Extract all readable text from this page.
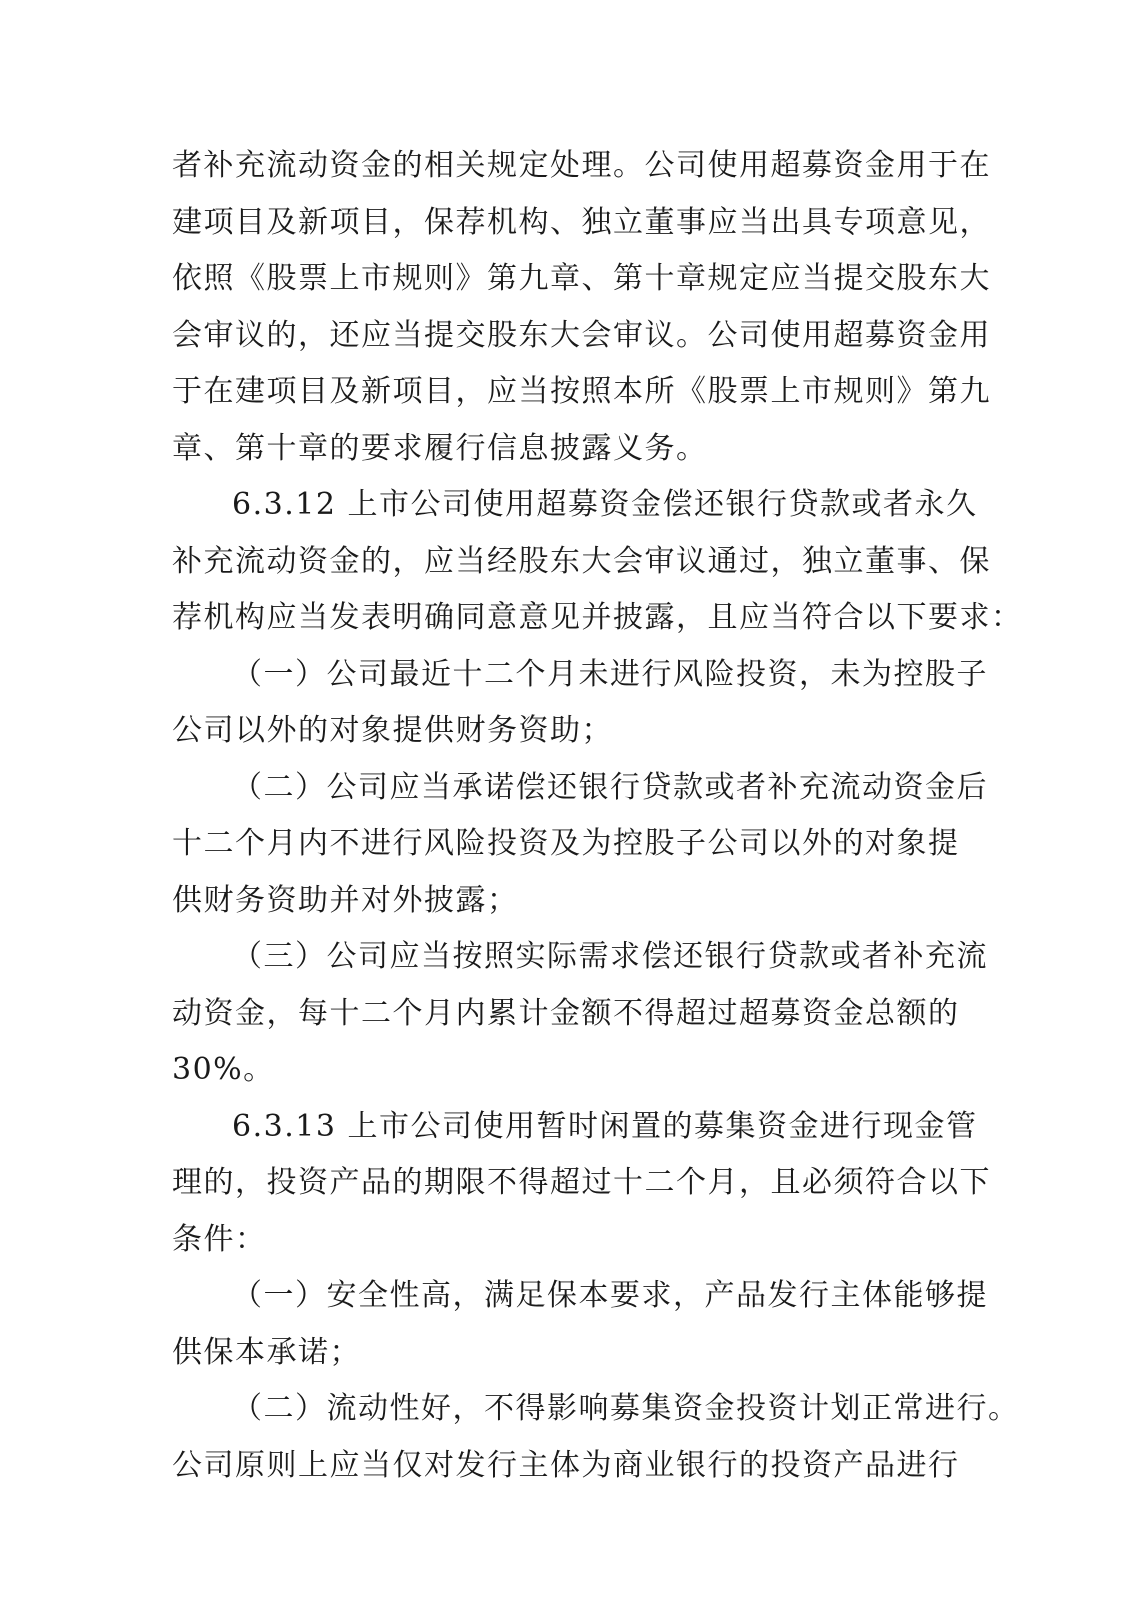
者补充流动资金的相关规定处理。公司使用超募资金用于在
建项目及新项目，保荐机构、独立董事应当出具专项意见，
依照《股票上市规则》第九章、第十章规定应当提交股东大
会审议的，还应当提交股东大会审议。公司使用超募资金用
于在建项目及新项目，应当按照本所《股票上市规则》第九
章、第十章的要求履行信息披露义务。
6.3.12 上市公司使用超募资金偿还银行贷款或者永久
补充流动资金的，应当经股东大会审议通过，独立董事、保
荐机构应当发表明确同意意见并披露，且应当符合以下要求：
（一）公司最近十二个月未进行风险投资，未为控股子
公司以外的对象提供财务资助；
（二）公司应当承诺偿还银行贷款或者补充流动资金后
十二个月内不进行风险投资及为控股子公司以外的对象提
供财务资助并对外披露；
（三）公司应当按照实际需求偿还银行贷款或者补充流
动资金，每十二个月内累计金额不得超过超募资金总额的
30%。
6.3.13 上市公司使用暂时闲置的募集资金进行现金管
理的，投资产品的期限不得超过十二个月，且必须符合以下
条件：
（一）安全性高，满足保本要求，产品发行主体能够提
供保本承诺；
（二）流动性好，不得影响募集资金投资计划正常进行。
公司原则上应当仅对发行主体为商业银行的投资产品进行
